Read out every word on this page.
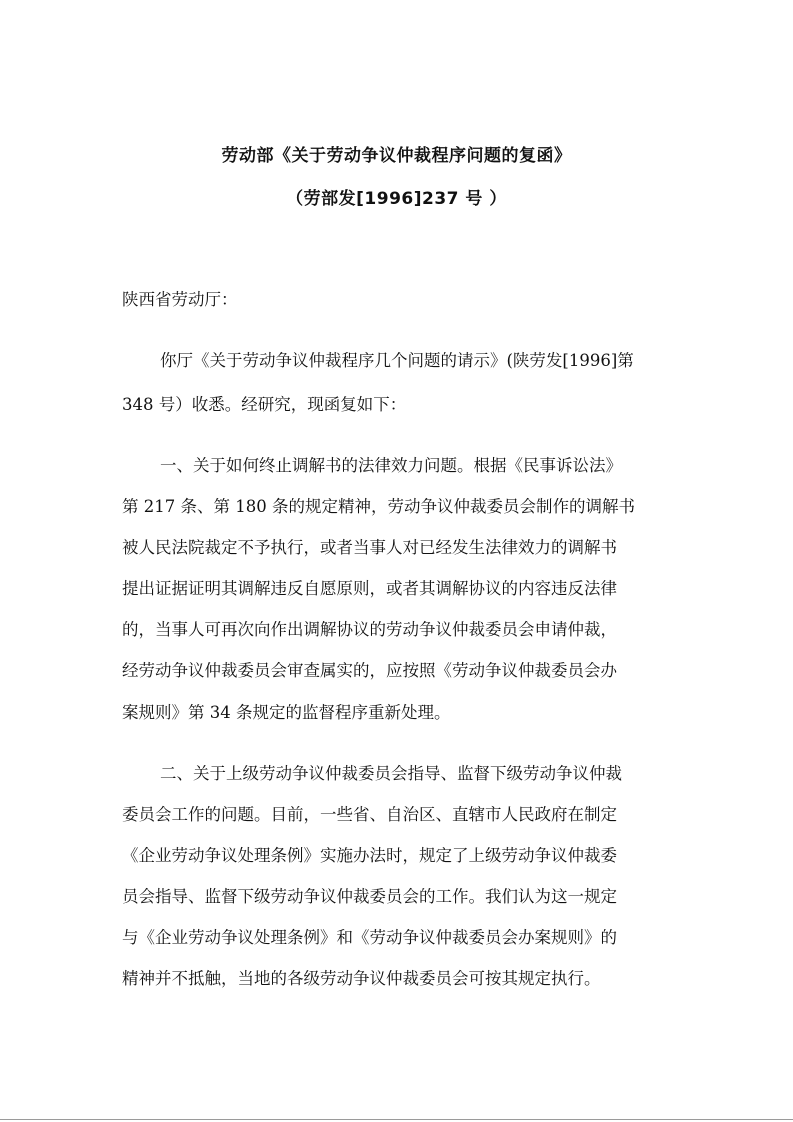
劳动部《关于劳动争议仲裁程序问题的复函》
（劳部发[1996]237 号 ）
陕西省劳动厅：
你厅《关于劳动争议仲裁程序几个问题的请示》(陕劳发[1996]第
348 号）收悉。经研究，现函复如下：
一、关于如何终止调解书的法律效力问题。根据《民事诉讼法》
第 217 条、第 180 条的规定精神，劳动争议仲裁委员会制作的调解书
被人民法院裁定不予执行，或者当事人对已经发生法律效力的调解书
提出证据证明其调解违反自愿原则，或者其调解协议的内容违反法律
的，当事人可再次向作出调解协议的劳动争议仲裁委员会申请仲裁，
经劳动争议仲裁委员会审查属实的，应按照《劳动争议仲裁委员会办
案规则》第 34 条规定的监督程序重新处理。
二、关于上级劳动争议仲裁委员会指导、监督下级劳动争议仲裁
委员会工作的问题。目前，一些省、自治区、直辖市人民政府在制定
《企业劳动争议处理条例》实施办法时，规定了上级劳动争议仲裁委
员会指导、监督下级劳动争议仲裁委员会的工作。我们认为这一规定
与《企业劳动争议处理条例》和《劳动争议仲裁委员会办案规则》的
精神并不抵触，当地的各级劳动争议仲裁委员会可按其规定执行。
